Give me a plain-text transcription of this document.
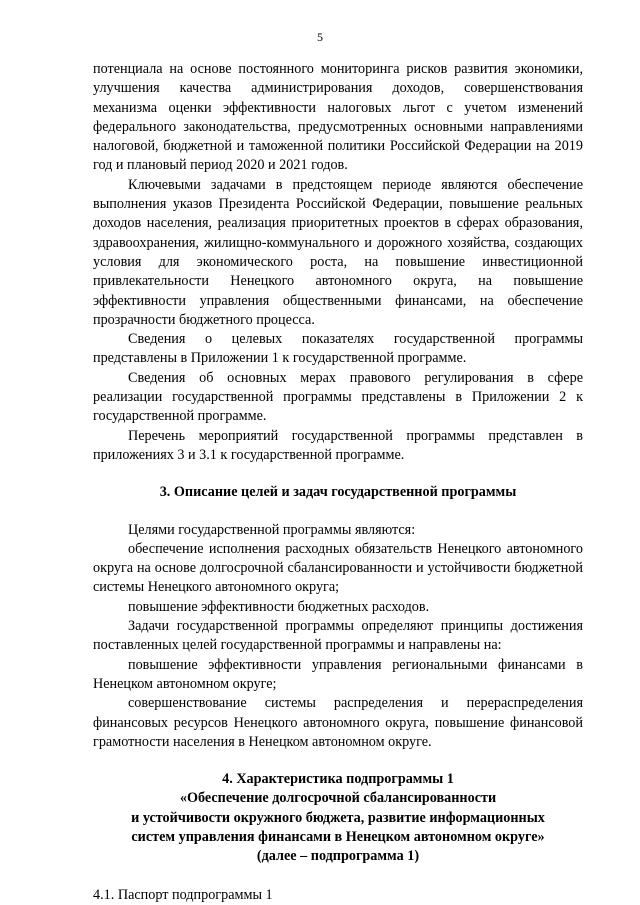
5

потенциала на основе постоянного мониторинга рисков развития экономики, улучшения качества администрирования доходов, совершенствования механизма оценки эффективности налоговых льгот с учетом изменений федерального законодательства, предусмотренных основными направлениями налоговой, бюджетной и таможенной политики Российской Федерации на 2019 год и плановый период 2020 и 2021 годов.

Ключевыми задачами в предстоящем периоде являются обеспечение выполнения указов Президента Российской Федерации, повышение реальных доходов населения, реализация приоритетных проектов в сферах образования, здравоохранения, жилищно-коммунального и дорожного хозяйства, создающих условия для экономического роста, на повышение инвестиционной привлекательности Ненецкого автономного округа, на повышение эффективности управления общественными финансами, на обеспечение прозрачности бюджетного процесса.

Сведения о целевых показателях государственной программы представлены в Приложении 1 к государственной программе.

Сведения об основных мерах правового регулирования в сфере реализации государственной программы представлены в Приложении 2 к государственной программе.

Перечень мероприятий государственной программы представлен в приложениях 3 и 3.1 к государственной программе.

3. Описание целей и задач государственной программы

Целями государственной программы являются:

обеспечение исполнения расходных обязательств Ненецкого автономного округа на основе долгосрочной сбалансированности и устойчивости бюджетной системы Ненецкого автономного округа;

повышение эффективности бюджетных расходов.

Задачи государственной программы определяют принципы достижения поставленных целей государственной программы и направлены на:

повышение эффективности управления региональными финансами в Ненецком автономном округе;

совершенствование системы распределения и перераспределения финансовых ресурсов Ненецкого автономного округа, повышение финансовой грамотности населения в Ненецком автономном округе.

4. Характеристика подпрограммы 1
«Обеспечение долгосрочной сбалансированности
и устойчивости окружного бюджета, развитие информационных
систем управления финансами в Ненецком автономном округе»
(далее – подпрограмма 1)

4.1. Паспорт подпрограммы 1
